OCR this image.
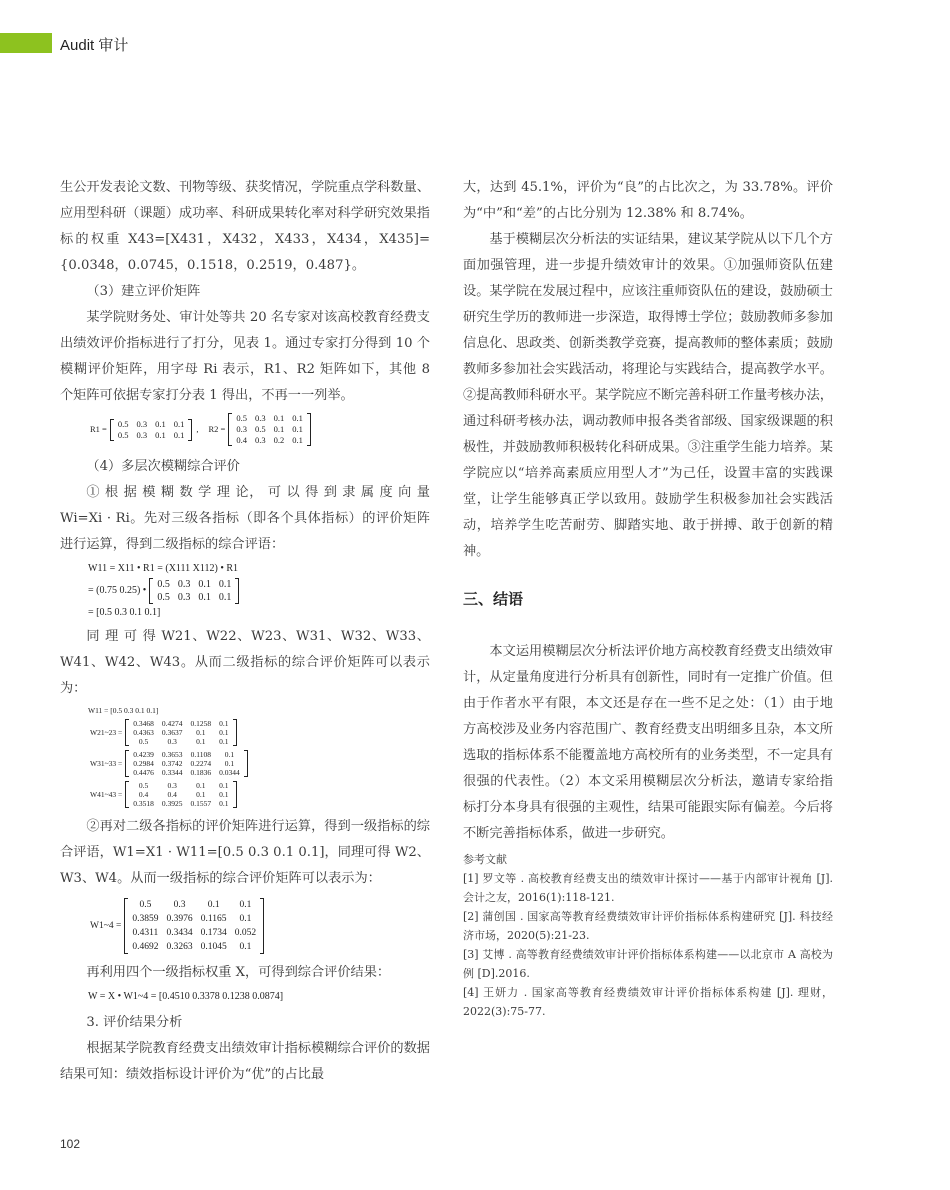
Audit 审计

生公开发表论文数、刊物等级、获奖情况，学院重点学科数量、应用型科研（课题）成功率、科研成果转化率对科学研究效果指标的权重 X43=[X431，X432，X433，X434，X435]={0.0348，0.0745，0.1518，0.2519，0.487}。

（3）建立评价矩阵

某学院财务处、审计处等共 20 名专家对该高校教育经费支出绩效评价指标进行了打分，见表 1。通过专家打分得到 10 个模糊评价矩阵，用字母 Ri 表示，R1、R2 矩阵如下，其他 8 个矩阵可依据专家打分表 1 得出，不再一一列举。

R1 =
0.5	0.3	0.1	0.1
0.5	0.3	0.1	0.1
, R2 =
0.5	0.3	0.1	0.1
0.3	0.5	0.1	0.1
0.4	0.3	0.2	0.1

（4）多层次模糊综合评价

① 根 据 模 糊 数 学 理 论， 可 以 得 到 隶 属 度 向 量 Wi=Xi · Ri。先对三级各指标（即各个具体指标）的评价矩阵进行运算，得到二级指标的综合评语：

W11 = X11 • R1 = (X111 X112) • R1
= (0.75 0.25) •
0.5	0.3	0.1	0.1
0.5	0.3	0.1	0.1
= [0.5 0.3 0.1 0.1]

同 理 可 得 W21、W22、W23、W31、W32、W33、W41、W42、W43。从而二级指标的综合评价矩阵可以表示为：

W11 = [0.5 0.3 0.1 0.1]
W21~23 =
0.3468	0.4274	0.1258	0.1
0.4363	0.3637	0.1	0.1
0.5	0.3	0.1	0.1
W31~33 =
0.4239	0.3653	0.1108	0.1
0.2984	0.3742	0.2274	0.1
0.4476	0.3344	0.1836	0.0344
W41~43 =
0.5	0.3	0.1	0.1
0.4	0.4	0.1	0.1
0.3518	0.3925	0.1557	0.1

②再对二级各指标的评价矩阵进行运算，得到一级指标的综合评语，W1=X1 · W11=[0.5 0.3 0.1 0.1]，同理可得 W2、W3、W4。从而一级指标的综合评价矩阵可以表示为：

W1~4 =
0.5	0.3	0.1	0.1
0.3859	0.3976	0.1165	0.1
0.4311	0.3434	0.1734	0.052
0.4692	0.3263	0.1045	0.1

再利用四个一级指标权重 X，可得到综合评价结果：

W = X • W1~4 = [0.4510 0.3378 0.1238 0.0874]

3. 评价结果分析

根据某学院教育经费支出绩效审计指标模糊综合评价的数据结果可知：绩效指标设计评价为“优”的占比最

大，达到 45.1%，评价为“良”的占比次之，为 33.78%。评价为“中”和“差”的占比分别为 12.38% 和 8.74%。

基于模糊层次分析法的实证结果，建议某学院从以下几个方面加强管理，进一步提升绩效审计的效果。①加强师资队伍建设。某学院在发展过程中，应该注重师资队伍的建设，鼓励硕士研究生学历的教师进一步深造，取得博士学位；鼓励教师多参加信息化、思政类、创新类教学竞赛，提高教师的整体素质；鼓励教师多参加社会实践活动，将理论与实践结合，提高教学水平。②提高教师科研水平。某学院应不断完善科研工作量考核办法，通过科研考核办法，调动教师申报各类省部级、国家级课题的积极性，并鼓励教师积极转化科研成果。③注重学生能力培养。某学院应以“培养高素质应用型人才”为己任，设置丰富的实践课堂，让学生能够真正学以致用。鼓励学生积极参加社会实践活动，培养学生吃苦耐劳、脚踏实地、敢于拼搏、敢于创新的精神。

三、结语

本文运用模糊层次分析法评价地方高校教育经费支出绩效审计，从定量角度进行分析具有创新性，同时有一定推广价值。但由于作者水平有限，本文还是存在一些不足之处：（1）由于地方高校涉及业务内容范围广、教育经费支出明细多且杂，本文所选取的指标体系不能覆盖地方高校所有的业务类型，不一定具有很强的代表性。（2）本文采用模糊层次分析法，邀请专家给指标打分本身具有很强的主观性，结果可能跟实际有偏差。今后将不断完善指标体系，做进一步研究。

参考文献
[1] 罗文等 . 高校教育经费支出的绩效审计探讨——基于内部审计视角 [J]. 会计之友，2016(1):118-121.
[2] 蒲创国 . 国家高等教育经费绩效审计评价指标体系构建研究 [J]. 科技经济市场，2020(5):21-23.
[3] 艾博 . 高等教育经费绩效审计评价指标体系构建——以北京市 A 高校为例 [D].2016.
[4] 王妍力 . 国家高等教育经费绩效审计评价指标体系构建 [J]. 理财，2022(3):75-77.
102
